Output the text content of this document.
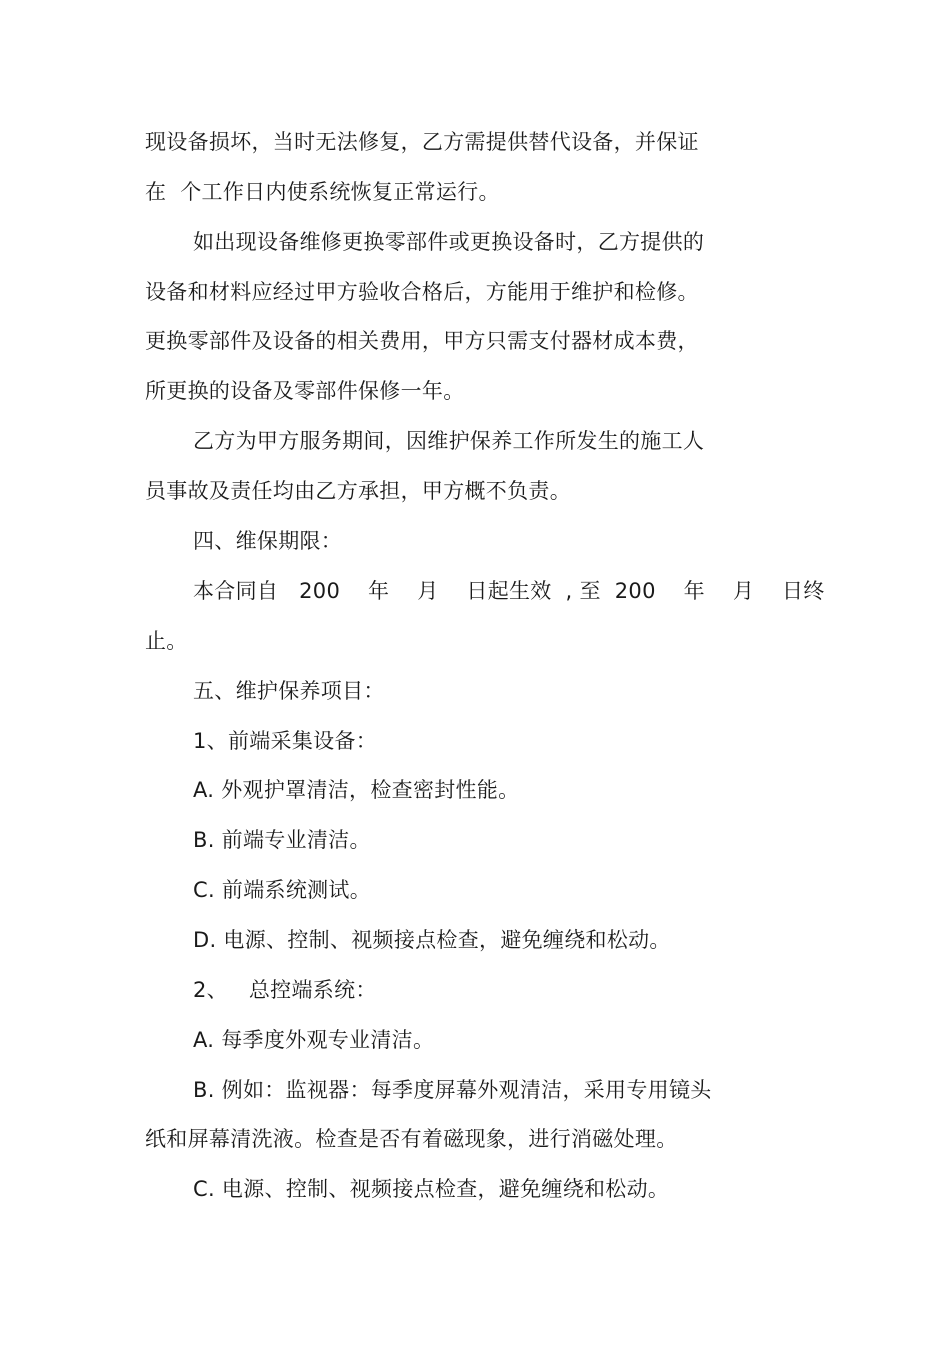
现设备损坏，当时无法修复，乙方需提供替代设备，并保证
在  个工作日内使系统恢复正常运行。
如出现设备维修更换零部件或更换设备时，乙方提供的
设备和材料应经过甲方验收合格后，方能用于维护和检修。
更换零部件及设备的相关费用，甲方只需支付器材成本费，
所更换的设备及零部件保修一年。
乙方为甲方服务期间，因维护保养工作所发生的施工人
员事故及责任均由乙方承担，甲方概不负责。
四、维保期限：
本合同自   200    年    月    日起生效  , 至  200    年    月    日终
止。
五、维护保养项目：
1、前端采集设备：
A. 外观护罩清洁，检查密封性能。
B. 前端专业清洁。
C. 前端系统测试。
D. 电源、控制、视频接点检查，避免缠绕和松动。
2、   总控端系统：
A. 每季度外观专业清洁。
B. 例如：监视器：每季度屏幕外观清洁，采用专用镜头
纸和屏幕清洗液。检查是否有着磁现象，进行消磁处理。
C. 电源、控制、视频接点检查，避免缠绕和松动。
